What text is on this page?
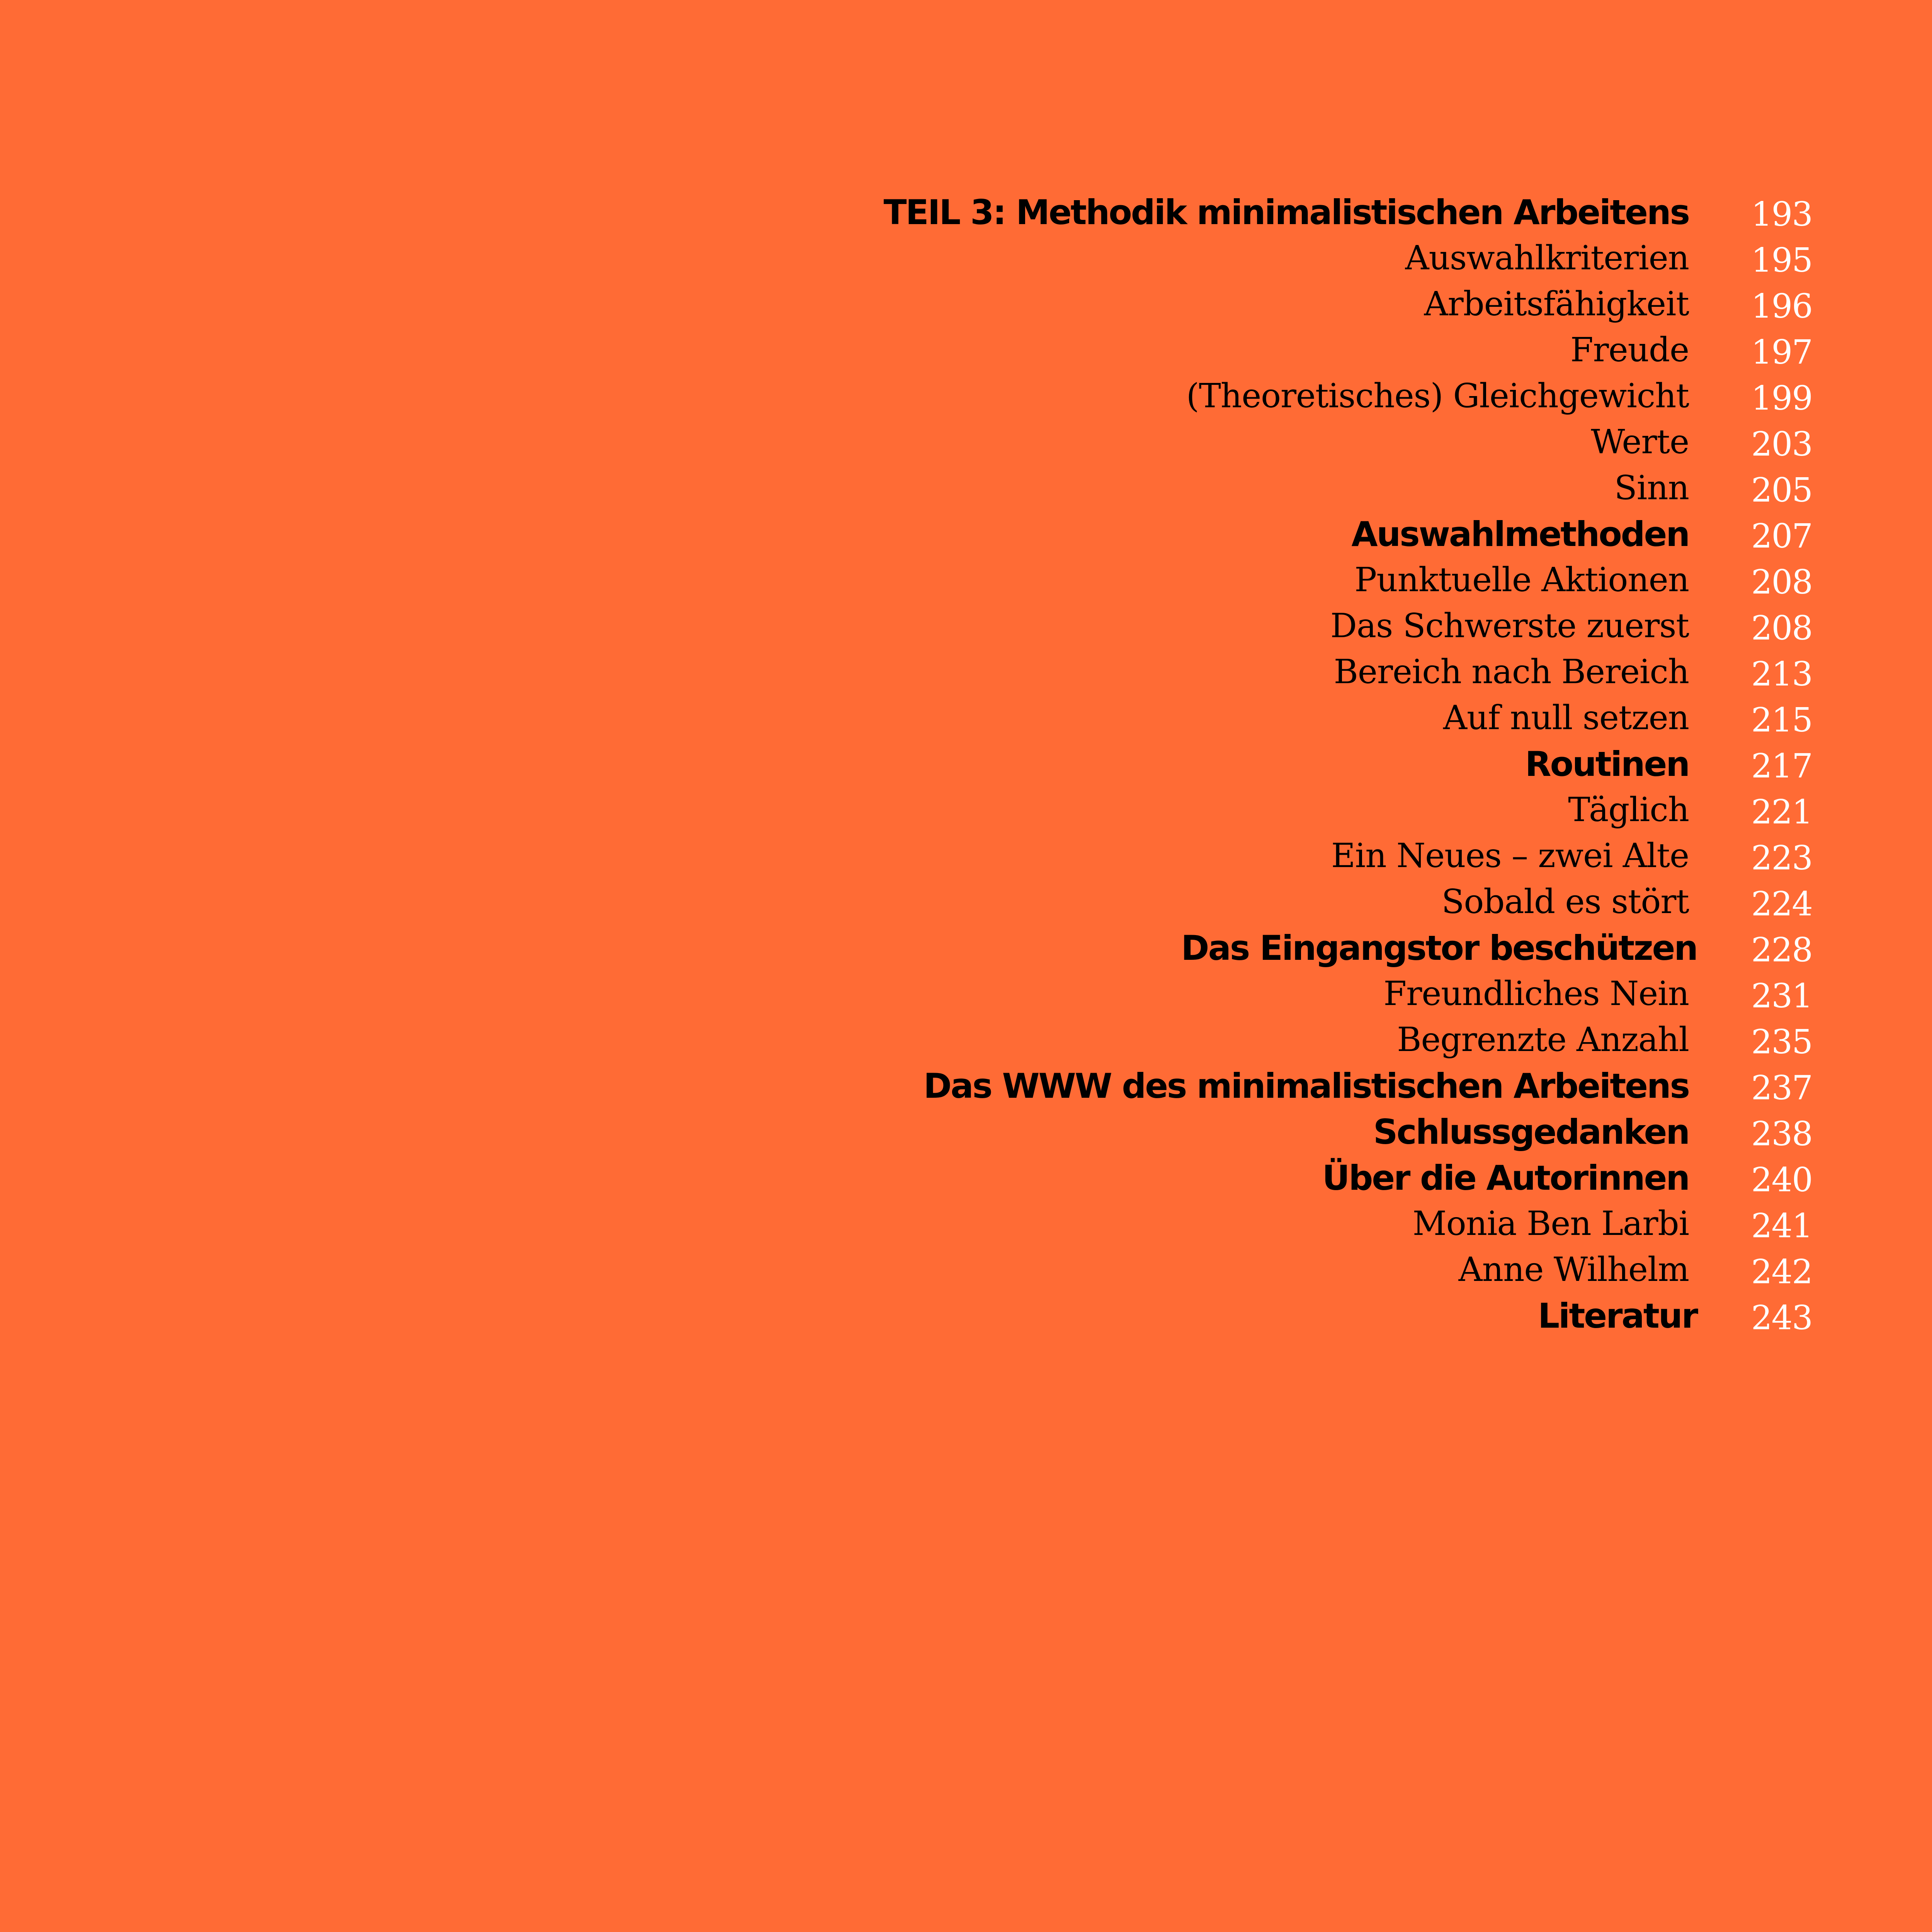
TEIL 3: Methodik minimalistischen Arbeitens 193
Auswahlkriterien 195
Arbeitsfähigkeit 196
Freude 197
(Theoretisches) Gleichgewicht 199
Werte 203
Sinn 205
Auswahlmethoden 207
Punktuelle Aktionen 208
Das Schwerste zuerst 208
Bereich nach Bereich 213
Auf null setzen 215
Routinen 217
Täglich 221
Ein Neues – zwei Alte 223
Sobald es stört 224
Das Eingangstor beschützen 228
Freundliches Nein 231
Begrenzte Anzahl 235
Das WWW des minimalistischen Arbeitens 237
Schlussgedanken 238
Über die Autorinnen 240
Monia Ben Larbi 241
Anne Wilhelm 242
Literatur 243
